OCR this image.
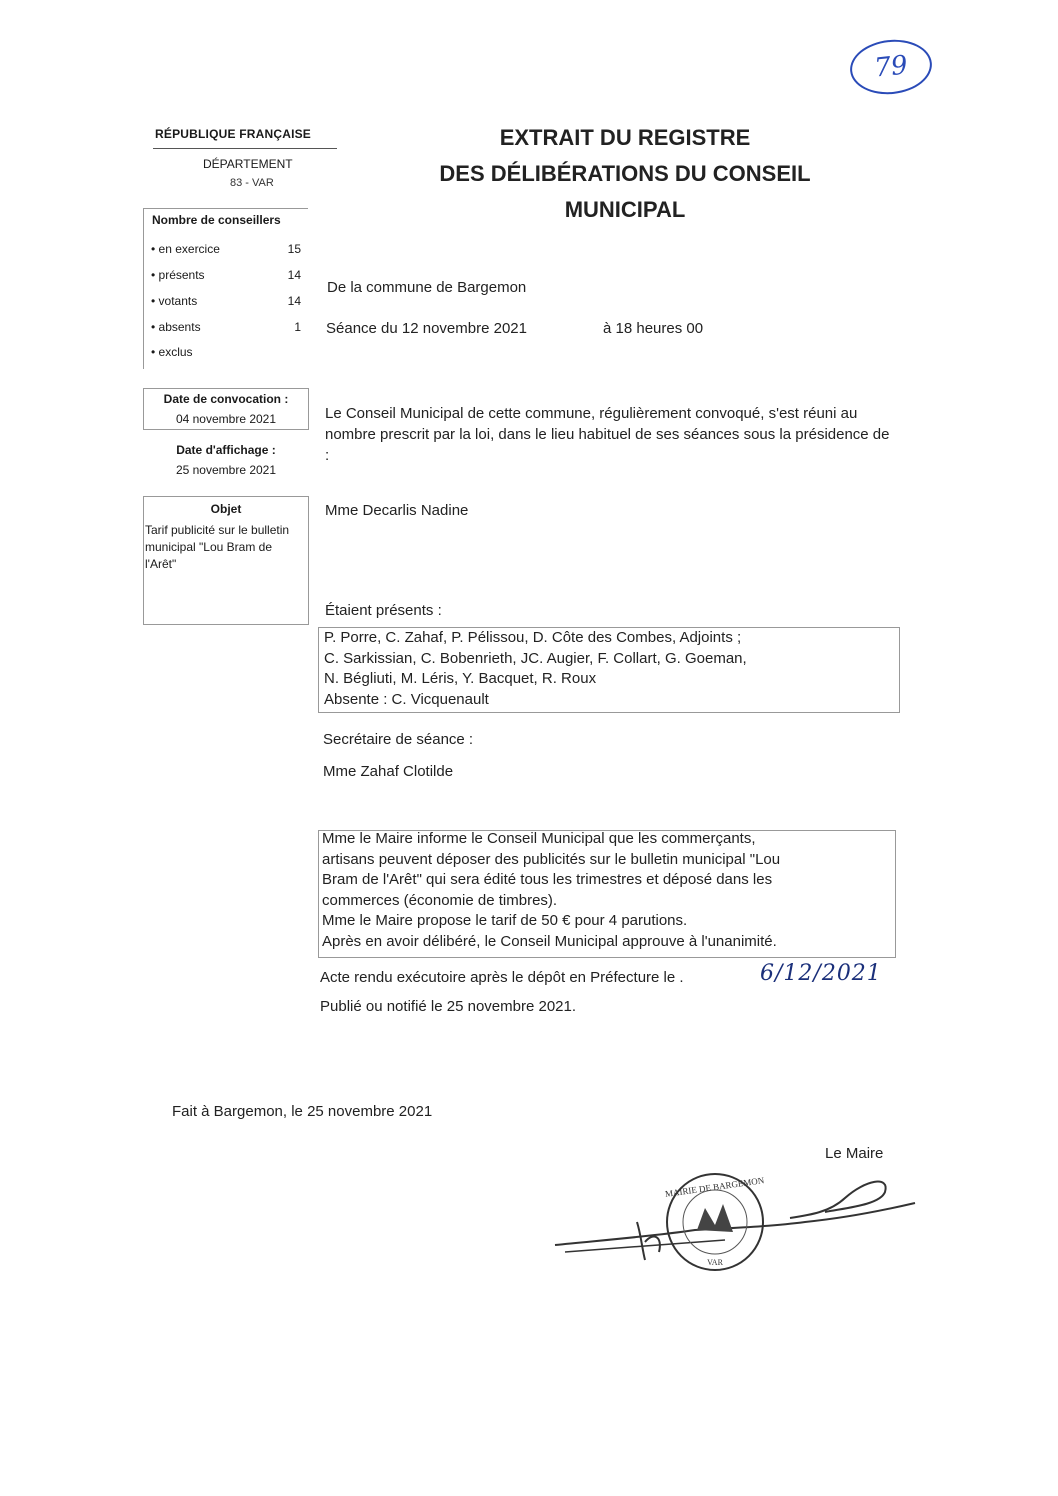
79
RÉPUBLIQUE FRANÇAISE
DÉPARTEMENT
83 - VAR
EXTRAIT DU REGISTRE
DES DÉLIBÉRATIONS DU CONSEIL
MUNICIPAL
Nombre de conseillers
• en exercice	15
• présents	14
• votants	14
• absents	1
• exclus
Date de convocation :
04 novembre 2021
Date d'affichage :
25 novembre 2021
Objet
Tarif publicité sur le bulletin municipal "Lou Bram de l'Arêt"
De la commune de Bargemon
Séance du 12 novembre 2021	à 18 heures 00
Le Conseil Municipal de cette commune, régulièrement convoqué, s'est réuni au nombre prescrit par la loi, dans le lieu habituel de ses séances sous la présidence de :
Mme Decarlis Nadine
Étaient présents :
P. Porre, C. Zahaf, P. Pélissou, D. Côte des Combes, Adjoints ;
C. Sarkissian, C. Bobenrieth, JC. Augier, F. Collart, G. Goeman,
N. Bégliuti, M. Léris, Y. Bacquet, R. Roux
Absente : C. Vicquenault
Secrétaire de séance :
Mme Zahaf Clotilde
Mme le Maire informe le Conseil Municipal que les commerçants,
artisans peuvent déposer des publicités sur le bulletin municipal "Lou
Bram de l'Arêt" qui sera édité tous les trimestres et déposé dans les
commerces (économie de timbres).
Mme le Maire propose le tarif de 50 € pour 4 parutions.
Après en avoir délibéré, le Conseil Municipal approuve à l'unanimité.
Acte rendu exécutoire après le dépôt en Préfecture le .	6/12/2021
Publié ou notifié le 25 novembre 2021.
Fait à Bargemon, le 25 novembre 2021
Le Maire
MAIRIE DE BARGEMON
VAR
